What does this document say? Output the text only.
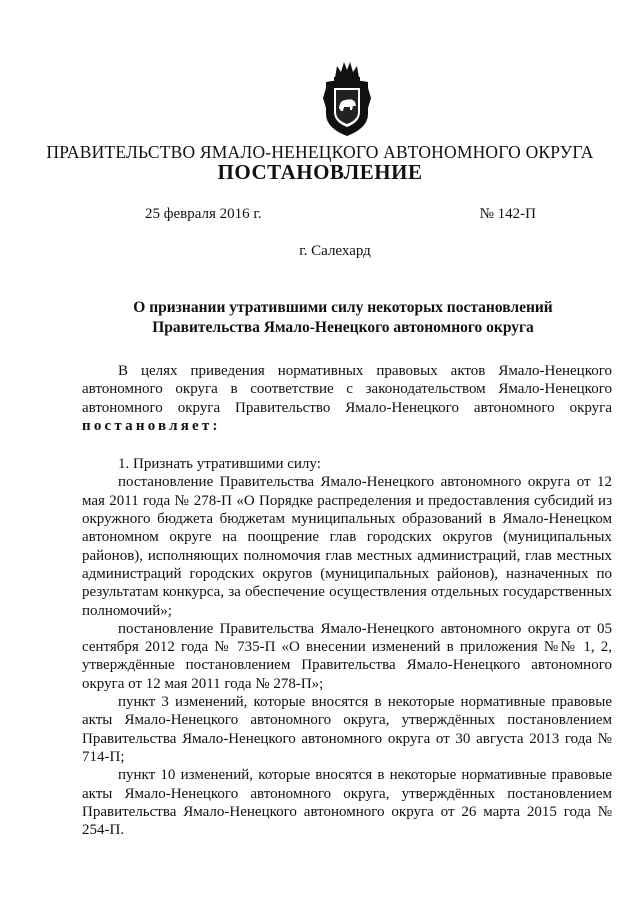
ПРАВИТЕЛЬСТВО ЯМАЛО-НЕНЕЦКОГО АВТОНОМНОГО ОКРУГА
ПОСТАНОВЛЕНИЕ
25 февраля 2016 г.	№ 142-П
г. Салехард
О признании утратившими силу некоторых постановлений Правительства Ямало-Ненецкого автономного округа

В целях приведения нормативных правовых актов Ямало-Ненецкого автономного округа в соответствие с законодательством Ямало-Ненецкого автономного округа Правительство Ямало-Ненецкого автономного округа постановляет:

1. Признать утратившими силу:

постановление Правительства Ямало-Ненецкого автономного округа от 12 мая 2011 года № 278-П «О Порядке распределения и предоставления субсидий из окружного бюджета бюджетам муниципальных образований в Ямало-Ненецком автономном округе на поощрение глав городских округов (муниципальных районов), исполняющих полномочия глав местных администраций, глав местных администраций городских округов (муниципальных районов), назначенных по результатам конкурса, за обеспечение осуществления отдельных государственных полномочий»;

постановление Правительства Ямало-Ненецкого автономного округа от 05 сентября 2012 года № 735-П «О внесении изменений в приложения №№ 1, 2, утверждённые постановлением Правительства Ямало-Ненецкого автономного округа от 12 мая 2011 года № 278-П»;

пункт 3 изменений, которые вносятся в некоторые нормативные правовые акты Ямало-Ненецкого автономного округа, утверждённых постановлением Правительства Ямало-Ненецкого автономного округа от 30 августа 2013 года № 714-П;

пункт 10 изменений, которые вносятся в некоторые нормативные правовые акты Ямало-Ненецкого автономного округа, утверждённых постановлением Правительства Ямало-Ненецкого автономного округа от 26 марта 2015 года № 254-П.
